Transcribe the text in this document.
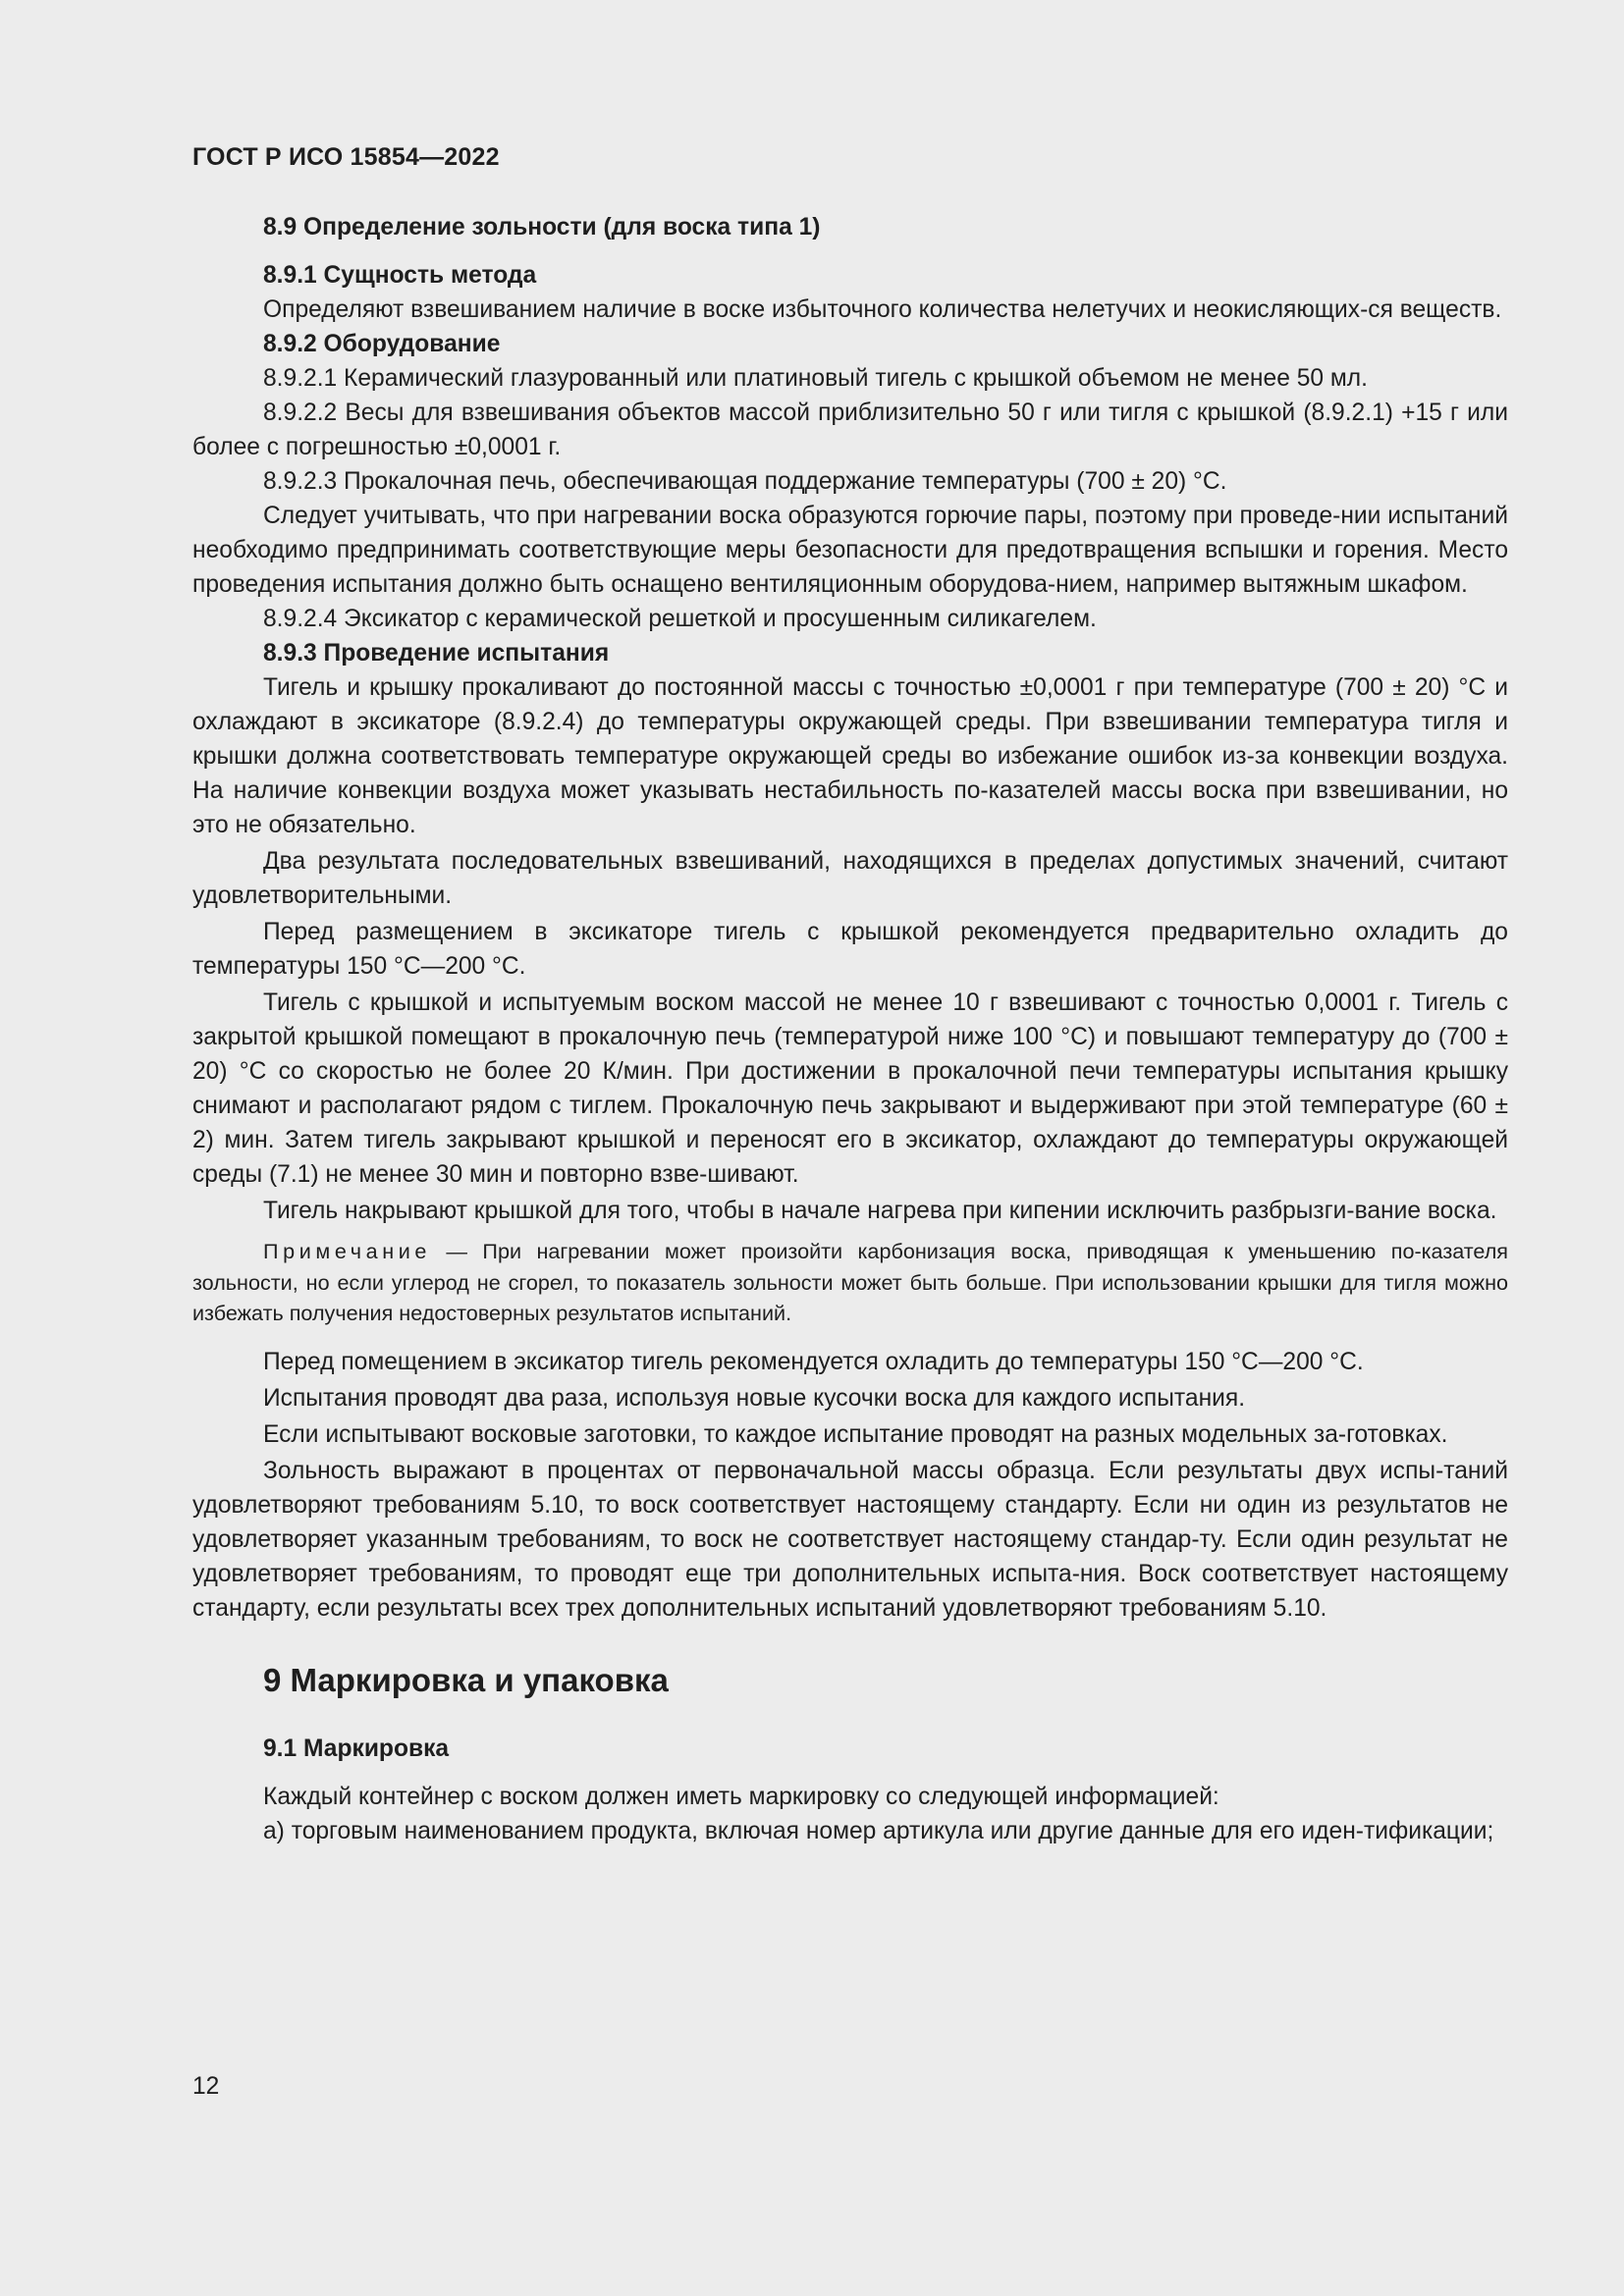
ГОСТ Р ИСО 15854—2022

8.9 Определение зольности (для воска типа 1)

8.9.1 Сущность метода

Определяют взвешиванием наличие в воске избыточного количества нелетучих и неокисляющих-ся веществ.

8.9.2 Оборудование

8.9.2.1 Керамический глазурованный или платиновый тигель с крышкой объемом не менее 50 мл.

8.9.2.2 Весы для взвешивания объектов массой приблизительно 50 г или тигля с крышкой (8.9.2.1) +15 г или более с погрешностью ±0,0001 г.

8.9.2.3 Прокалочная печь, обеспечивающая поддержание температуры (700 ± 20) °С.

Следует учитывать, что при нагревании воска образуются горючие пары, поэтому при проведе-нии испытаний необходимо предпринимать соответствующие меры безопасности для предотвращения вспышки и горения. Место проведения испытания должно быть оснащено вентиляционным оборудова-нием, например вытяжным шкафом.

8.9.2.4 Эксикатор с керамической решеткой и просушенным силикагелем.

8.9.3 Проведение испытания

Тигель и крышку прокаливают до постоянной массы с точностью ±0,0001 г при температуре (700 ± 20) °С и охлаждают в эксикаторе (8.9.2.4) до температуры окружающей среды. При взвешивании температура тигля и крышки должна соответствовать температуре окружающей среды во избежание ошибок из-за конвекции воздуха. На наличие конвекции воздуха может указывать нестабильность по-казателей массы воска при взвешивании, но это не обязательно.

Два результата последовательных взвешиваний, находящихся в пределах допустимых значений, считают удовлетворительными.

Перед размещением в эксикаторе тигель с крышкой рекомендуется предварительно охладить до температуры 150 °С—200 °С.

Тигель с крышкой и испытуемым воском массой не менее 10 г взвешивают с точностью 0,0001 г. Тигель с закрытой крышкой помещают в прокалочную печь (температурой ниже 100 °С) и повышают температуру до (700 ± 20) °С со скоростью не более 20 К/мин. При достижении в прокалочной печи температуры испытания крышку снимают и располагают рядом с тиглем. Прокалочную печь закрывают и выдерживают при этой температуре (60 ± 2) мин. Затем тигель закрывают крышкой и переносят его в эксикатор, охлаждают до температуры окружающей среды (7.1) не менее 30 мин и повторно взве-шивают.

Тигель накрывают крышкой для того, чтобы в начале нагрева при кипении исключить разбрызги-вание воска.

Примечание — При нагревании может произойти карбонизация воска, приводящая к уменьшению по-казателя зольности, но если углерод не сгорел, то показатель зольности может быть больше. При использовании крышки для тигля можно избежать получения недостоверных результатов испытаний.

Перед помещением в эксикатор тигель рекомендуется охладить до температуры 150 °С—200 °С.

Испытания проводят два раза, используя новые кусочки воска для каждого испытания.

Если испытывают восковые заготовки, то каждое испытание проводят на разных модельных за-готовках.

Зольность выражают в процентах от первоначальной массы образца. Если результаты двух испы-таний удовлетворяют требованиям 5.10, то воск соответствует настоящему стандарту. Если ни один из результатов не удовлетворяет указанным требованиям, то воск не соответствует настоящему стандар-ту. Если один результат не удовлетворяет требованиям, то проводят еще три дополнительных испыта-ния. Воск соответствует настоящему стандарту, если результаты всех трех дополнительных испытаний удовлетворяют требованиям 5.10.

9 Маркировка и упаковка

9.1 Маркировка

Каждый контейнер с воском должен иметь маркировку со следующей информацией:

а) торговым наименованием продукта, включая номер артикула или другие данные для его иден-тификации;

12
